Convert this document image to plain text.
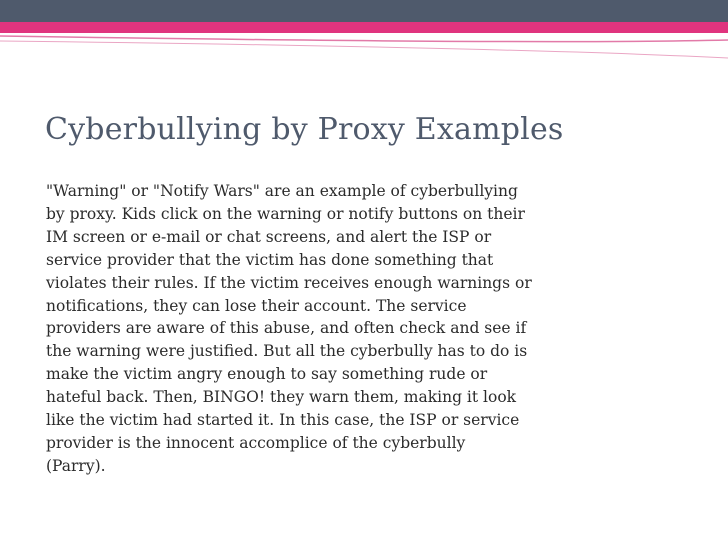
Cyberbullying by Proxy Examples

"Warning" or "Notify Wars" are an example of cyberbullying
by proxy. Kids click on the warning or notify buttons on their
IM screen or e-mail or chat screens, and alert the ISP or
service provider that the victim has done something that
violates their rules. If the victim receives enough warnings or
notifications, they can lose their account. The service
providers are aware of this abuse, and often check and see if
the warning were justified. But all the cyberbully has to do is
make the victim angry enough to say something rude or
hateful back. Then, BINGO! they warn them, making it look
like the victim had started it. In this case, the ISP or service
provider is the innocent accomplice of the cyberbully
(Parry).
